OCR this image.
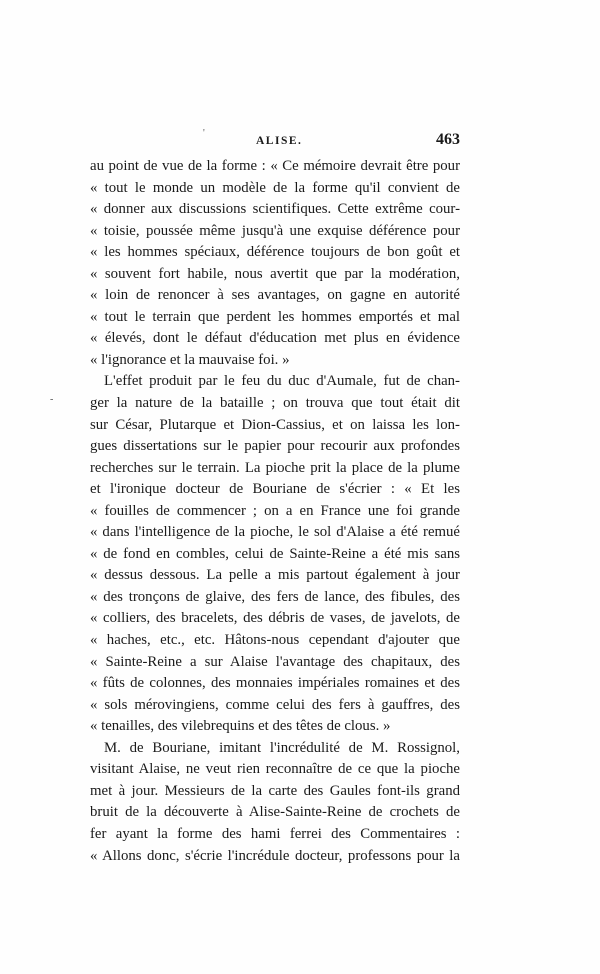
'
-
ALISE.	463
au point de vue de la forme : « Ce mémoire devrait être pour
« tout le monde un modèle de la forme qu'il convient de
« donner aux discussions scientifiques. Cette extrême cour-
« toisie, poussée même jusqu'à une exquise déférence pour
« les hommes spéciaux, déférence toujours de bon goût et
« souvent fort habile, nous avertit que par la modération,
« loin de renoncer à ses avantages, on gagne en autorité
« tout le terrain que perdent les hommes emportés et mal
« élevés, dont le défaut d'éducation met plus en évidence
« l'ignorance et la mauvaise foi. »
L'effet produit par le feu du duc d'Aumale, fut de chan-
ger la nature de la bataille ; on trouva que tout était dit
sur César, Plutarque et Dion-Cassius, et on laissa les lon-
gues dissertations sur le papier pour recourir aux profondes
recherches sur le terrain. La pioche prit la place de la plume
et l'ironique docteur de Bouriane de s'écrier : « Et les
« fouilles de commencer ; on a en France une foi grande
« dans l'intelligence de la pioche, le sol d'Alaise a été remué
« de fond en combles, celui de Sainte-Reine a été mis sans
« dessus dessous. La pelle a mis partout également à jour
« des tronçons de glaive, des fers de lance, des fibules, des
« colliers, des bracelets, des débris de vases, de javelots, de
« haches, etc., etc. Hâtons-nous cependant d'ajouter que
« Sainte-Reine a sur Alaise l'avantage des chapitaux, des
« fûts de colonnes, des monnaies impériales romaines et des
« sols mérovingiens, comme celui des fers à gauffres, des
« tenailles, des vilebrequins et des têtes de clous. »
M. de Bouriane, imitant l'incrédulité de M. Rossignol,
visitant Alaise, ne veut rien reconnaître de ce que la pioche
met à jour. Messieurs de la carte des Gaules font-ils grand
bruit de la découverte à Alise-Sainte-Reine de crochets de
fer ayant la forme des hami ferrei des Commentaires :
« Allons donc, s'écrie l'incrédule docteur, professons pour la
